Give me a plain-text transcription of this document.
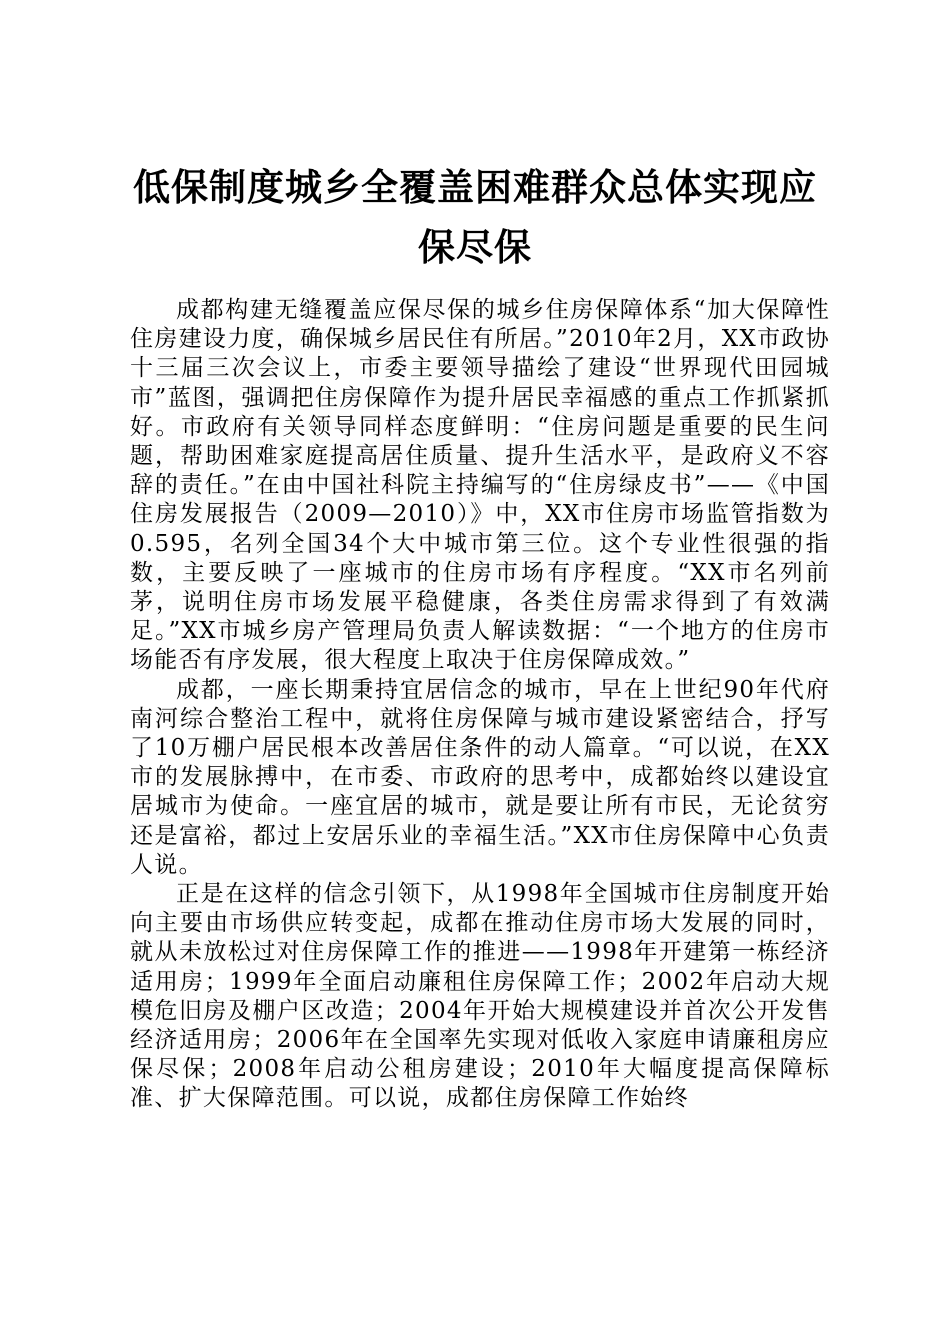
低保制度城乡全覆盖困难群众总体实现应保尽保

成都构建无缝覆盖应保尽保的城乡住房保障体系“加大保障性住房建设力度，确保城乡居民住有所居。”2010年2月，XX市政协十三届三次会议上，市委主要领导描绘了建设“世界现代田园城市”蓝图，强调把住房保障作为提升居民幸福感的重点工作抓紧抓好。市政府有关领导同样态度鲜明：“住房问题是重要的民生问题，帮助困难家庭提高居住质量、提升生活水平，是政府义不容辞的责任。”在由中国社科院主持编写的“住房绿皮书”——《中国住房发展报告（2009—2010）》中，XX市住房市场监管指数为0.595，名列全国34个大中城市第三位。这个专业性很强的指数，主要反映了一座城市的住房市场有序程度。“XX市名列前茅，说明住房市场发展平稳健康，各类住房需求得到了有效满足。”XX市城乡房产管理局负责人解读数据：“一个地方的住房市场能否有序发展，很大程度上取决于住房保障成效。”

成都，一座长期秉持宜居信念的城市，早在上世纪90年代府南河综合整治工程中，就将住房保障与城市建设紧密结合，抒写了10万棚户居民根本改善居住条件的动人篇章。“可以说，在XX市的发展脉搏中，在市委、市政府的思考中，成都始终以建设宜居城市为使命。一座宜居的城市，就是要让所有市民，无论贫穷还是富裕，都过上安居乐业的幸福生活。”XX市住房保障中心负责人说。

正是在这样的信念引领下，从1998年全国城市住房制度开始向主要由市场供应转变起，成都在推动住房市场大发展的同时，就从未放松过对住房保障工作的推进——1998年开建第一栋经济适用房；1999年全面启动廉租住房保障工作；2002年启动大规模危旧房及棚户区改造；2004年开始大规模建设并首次公开发售经济适用房；2006年在全国率先实现对低收入家庭申请廉租房应保尽保；2008年启动公租房建设；2010年大幅度提高保障标准、扩大保障范围。可以说，成都住房保障工作始终
